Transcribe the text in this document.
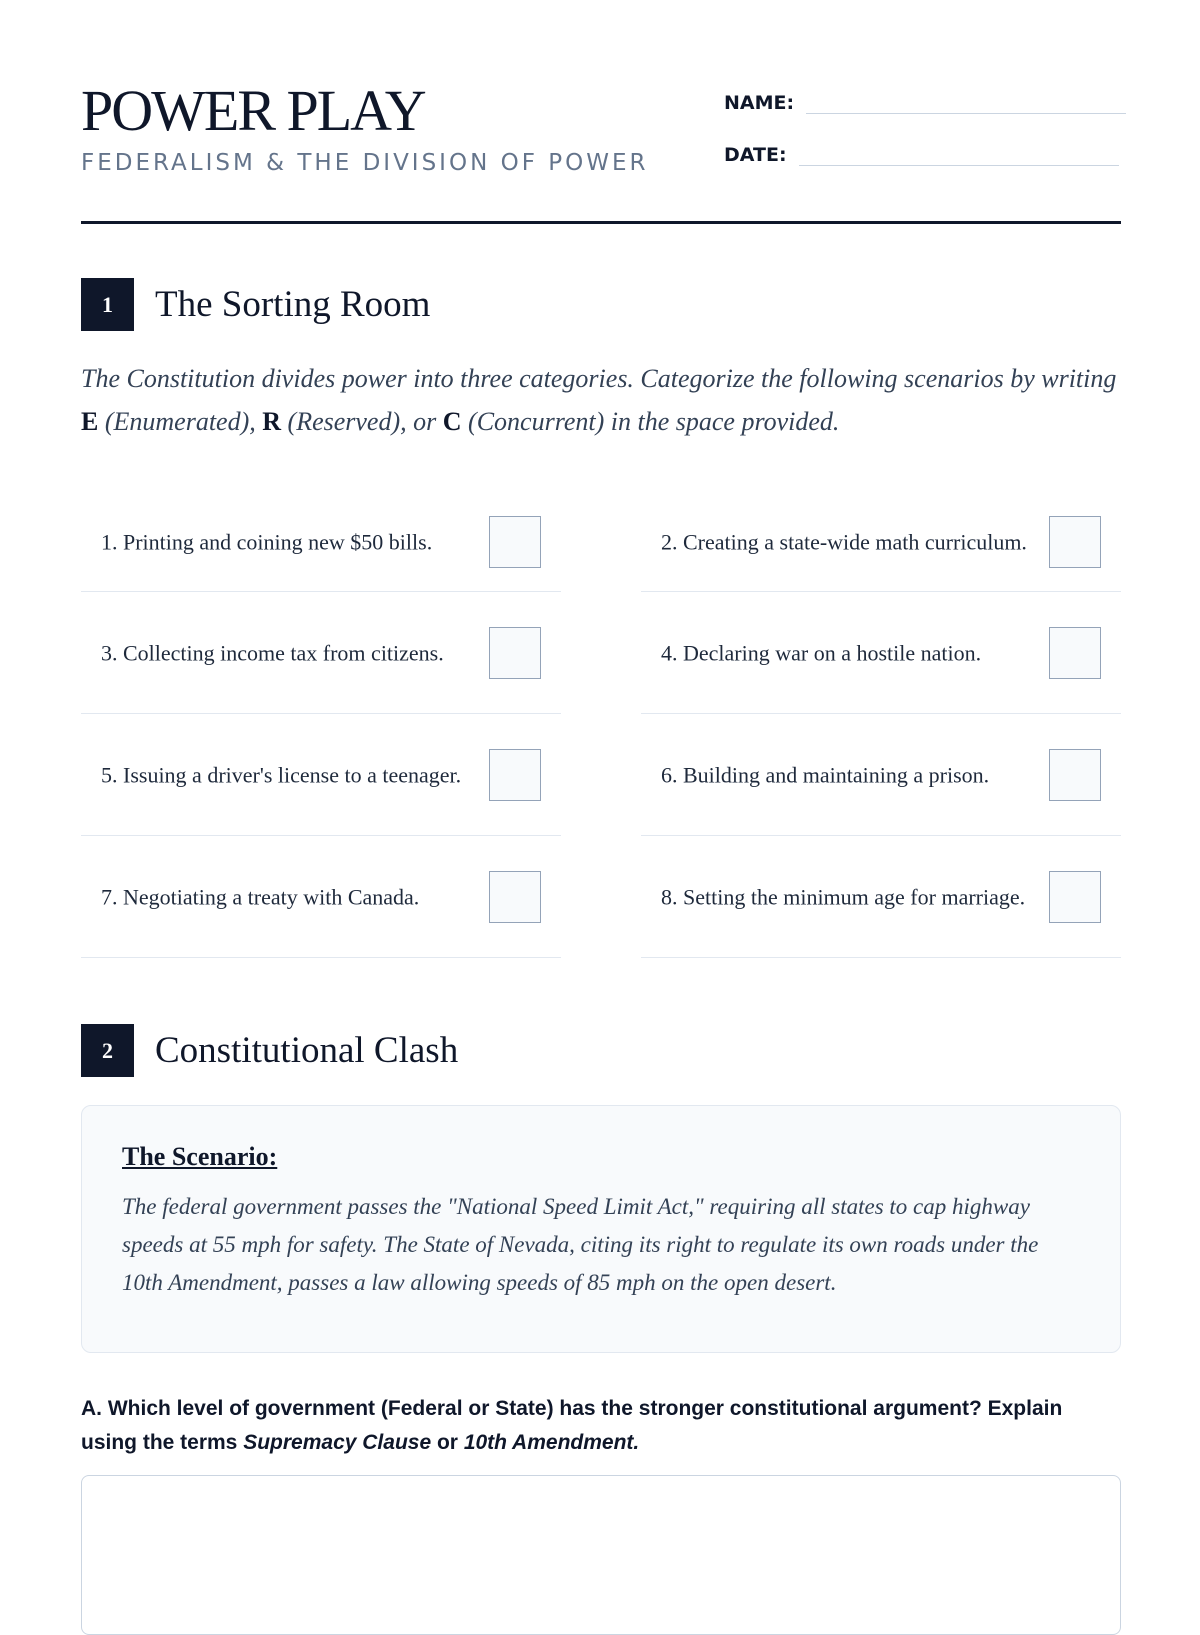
POWER PLAY
FEDERALISM & THE DIVISION OF POWER
NAME:
DATE:
1	The Sorting Room

The Constitution divides power into three categories. Categorize the following scenarios by writing E (Enumerated), R (Reserved), or C (Concurrent) in the space provided.

1. Printing and coining new $50 bills.	2. Creating a state-wide math curriculum.
3. Collecting income tax from citizens.	4. Declaring war on a hostile nation.
5. Issuing a driver's license to a teenager.	6. Building and maintaining a prison.
7. Negotiating a treaty with Canada.	8. Setting the minimum age for marriage.
2	Constitutional Clash

The Scenario:

The federal government passes the "National Speed Limit Act," requiring all states to cap highway speeds at 55 mph for safety. The State of Nevada, citing its right to regulate its own roads under the 10th Amendment, passes a law allowing speeds of 85 mph on the open desert.

A. Which level of government (Federal or State) has the stronger constitutional argument? Explain using the terms Supremacy Clause or 10th Amendment.
